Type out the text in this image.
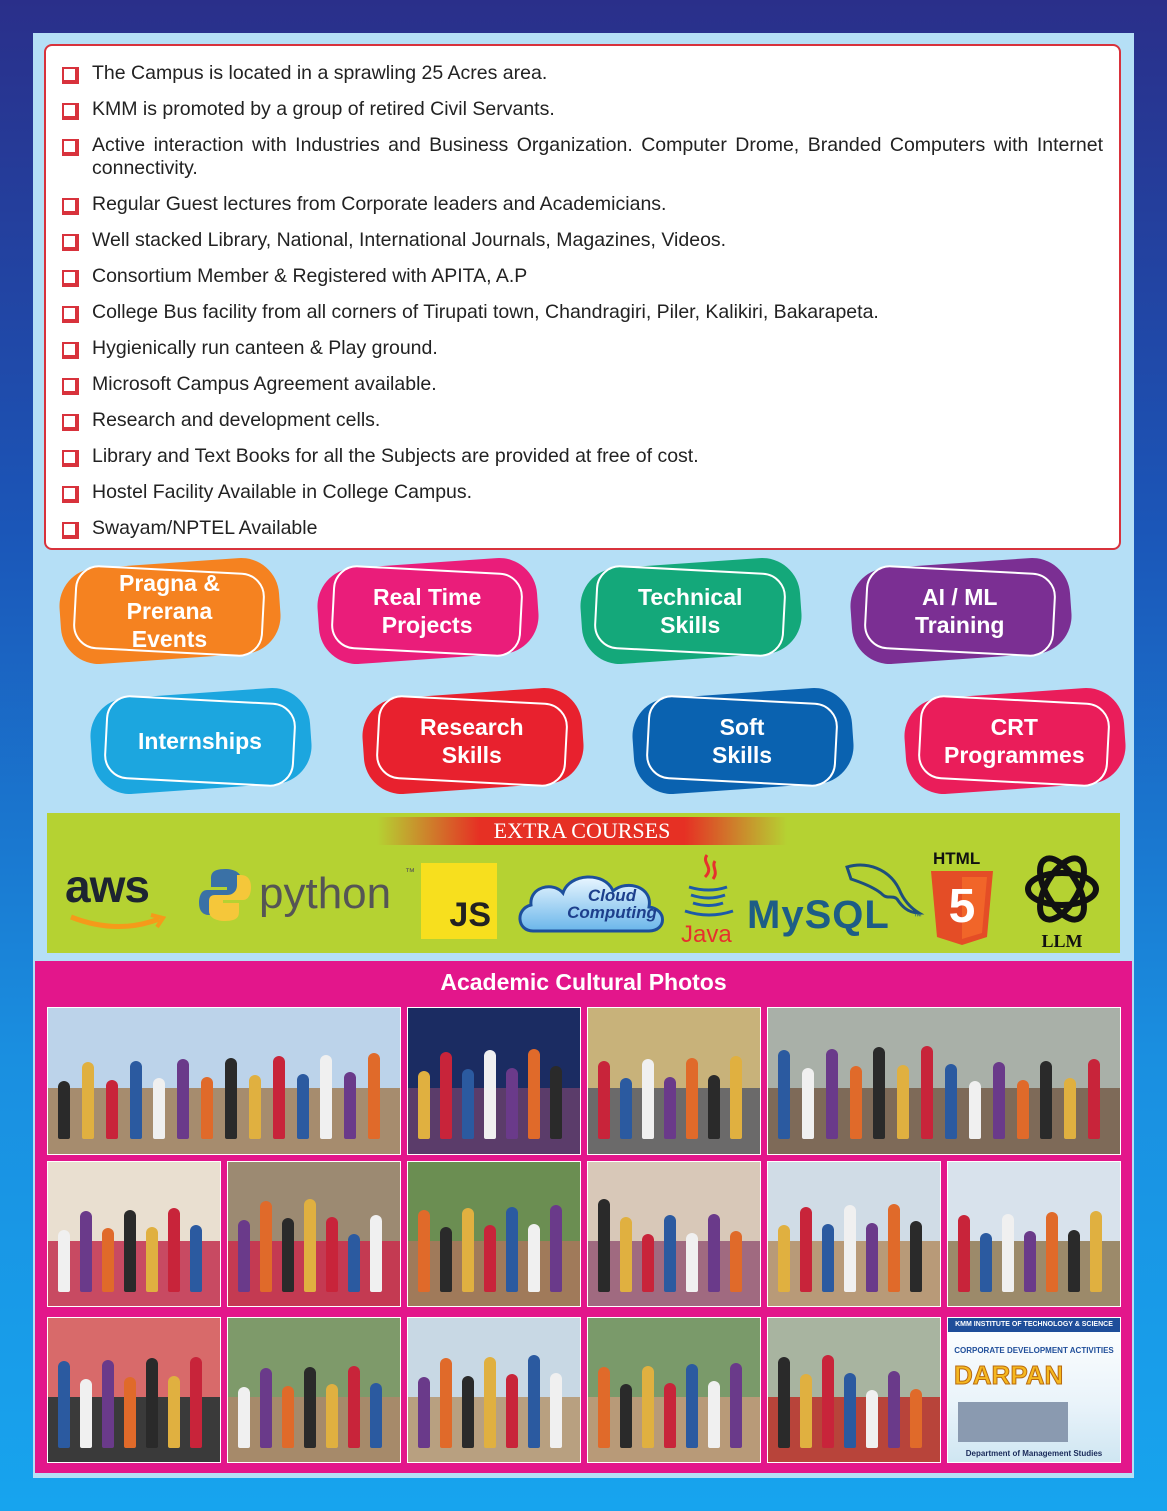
The Campus is located in a sprawling 25 Acres area.
KMM is promoted by a group of retired Civil Servants.
Active interaction with Industries and Business Organization. Computer Drome, Branded Computers with Internet connectivity.
Regular Guest lectures from Corporate leaders and Academicians.
Well stacked Library, National, International Journals, Magazines, Videos.
Consortium Member & Registered with APITA, A.P
College Bus facility from all corners of Tirupati town, Chandragiri, Piler, Kalikiri, Bakarapeta.
Hygienically run canteen & Play ground.
Microsoft Campus Agreement available.
Research and development cells.
Library and Text Books for all the Subjects are provided at free of cost.
Hostel Facility Available in College Campus.
Swayam/NPTEL Available
Pragna &
Prerana
Events
Real Time
Projects
Technical
Skills
AI / ML
Training
Internships
Research
Skills
Soft
Skills
CRT
Programmes
EXTRA COURSES
aws	python ™
JS
Cloud
Computing
Java MySQL	™
HTML
5
LLM
Academic Cultural Photos
KMM INSTITUTE OF TECHNOLOGY & SCIENCE
CORPORATE DEVELOPMENT ACTIVITIES
DARPAN
Department of Management Studies
